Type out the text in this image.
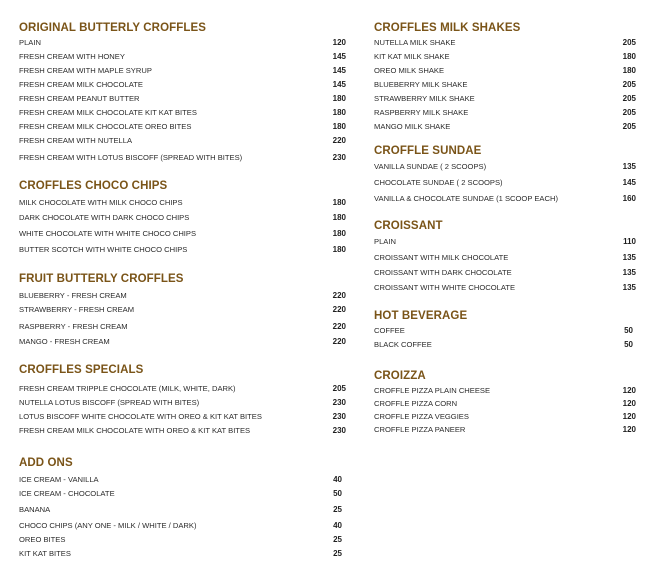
ORIGINAL BUTTERLY CROFFLES
PLAIN	120
FRESH CREAM WITH HONEY	145
FRESH CREAM WITH MAPLE SYRUP	145
FRESH CREAM MILK CHOCOLATE	145
FRESH CREAM PEANUT BUTTER	180
FRESH CREAM MILK CHOCOLATE KIT KAT BITES	180
FRESH CREAM MILK CHOCOLATE OREO BITES	180
FRESH CREAM WITH NUTELLA	220
FRESH CREAM WITH LOTUS BISCOFF (SPREAD WITH BITES)	230
CROFFLES CHOCO CHIPS
MILK CHOCOLATE WITH MILK CHOCO CHIPS	180
DARK CHOCOLATE WITH DARK CHOCO CHIPS	180
WHITE CHOCOLATE WITH WHITE CHOCO CHIPS	180
BUTTER SCOTCH WITH WHITE CHOCO CHIPS	180
FRUIT BUTTERLY CROFFLES
BLUEBERRY - FRESH CREAM	220
STRAWBERRY - FRESH CREAM	220
RASPBERRY - FRESH CREAM	220
MANGO - FRESH CREAM	220
CROFFLES SPECIALS
FRESH CREAM TRIPPLE CHOCOLATE (MILK, WHITE, DARK)	205
NUTELLA LOTUS BISCOFF (SPREAD WITH BITES)	230
LOTUS BISCOFF WHITE CHOCOLATE WITH OREO & KIT KAT BITES	230
FRESH CREAM MILK CHOCOLATE WITH OREO & KIT KAT BITES	230
ADD ONS
ICE CREAM - VANILLA	40
ICE CREAM - CHOCOLATE	50
BANANA	25
CHOCO CHIPS (ANY ONE - MILK / WHITE / DARK)	40
OREO BITES	25
KIT KAT BITES	25
CROFFLES MILK SHAKES
NUTELLA MILK SHAKE	205
KIT KAT MILK SHAKE	180
OREO MILK SHAKE	180
BLUEBERRY MILK SHAKE	205
STRAWBERRY MILK SHAKE	205
RASPBERRY MILK SHAKE	205
MANGO MILK SHAKE	205
CROFFLE SUNDAE
VANILLA SUNDAE ( 2 SCOOPS)	135
CHOCOLATE SUNDAE ( 2 SCOOPS)	145
VANILLA & CHOCOLATE SUNDAE (1 SCOOP EACH)	160
CROISSANT
PLAIN	110
CROISSANT WITH MILK CHOCOLATE	135
CROISSANT WITH DARK CHOCOLATE	135
CROISSANT WITH WHITE CHOCOLATE	135
HOT BEVERAGE
COFFEE	50
BLACK COFFEE	50
CROIZZA
CROFFLE PIZZA PLAIN CHEESE	120
CROFFLE PIZZA CORN	120
CROFFLE PIZZA VEGGIES	120
CROFFLE PIZZA PANEER	120
